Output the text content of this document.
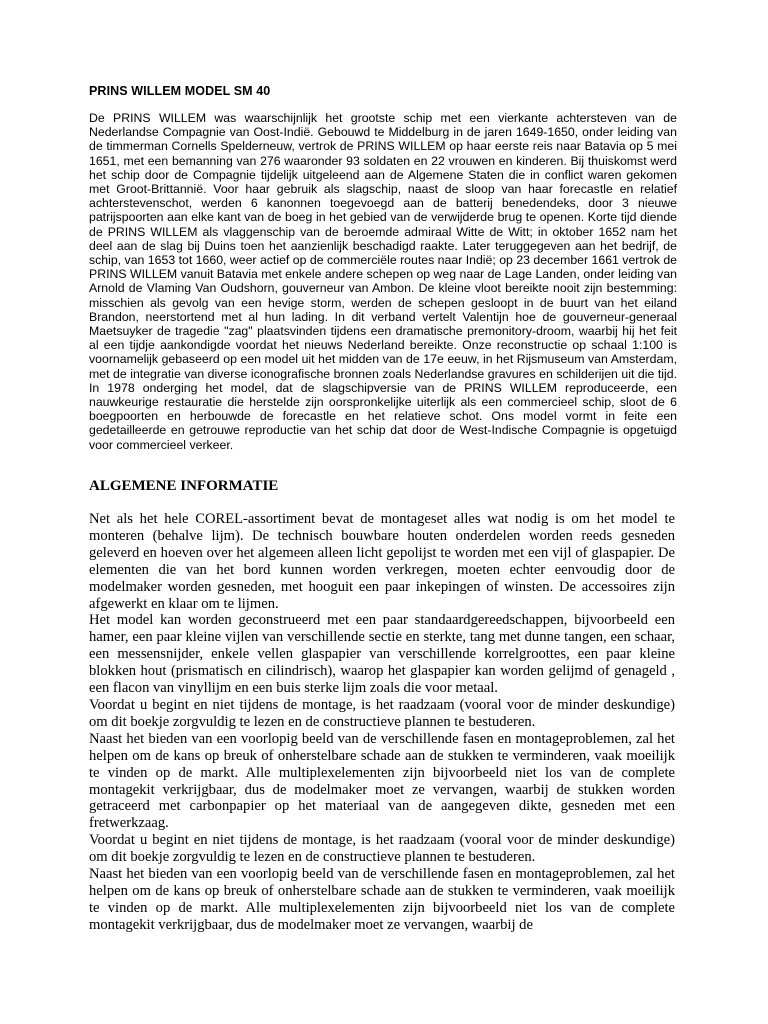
PRINS WILLEM MODEL SM 40

De PRINS WILLEM was waarschijnlijk het grootste schip met een vierkante achtersteven van de Nederlandse Compagnie van Oost-Indië. Gebouwd te Middelburg in de jaren 1649-1650, onder leiding van de timmerman Cornells Spelderneuw, vertrok de PRINS WILLEM op haar eerste reis naar Batavia op 5 mei 1651, met een bemanning van 276 waaronder 93 soldaten en 22 vrouwen en kinderen. Bij thuiskomst werd het schip door de Compagnie tijdelijk uitgeleend aan de Algemene Staten die in conflict waren gekomen met Groot-Brittannië. Voor haar gebruik als slagschip, naast de sloop van haar forecastle en relatief achterstevenschot, werden 6 kanonnen toegevoegd aan de batterij benedendeks, door 3 nieuwe patrijspoorten aan elke kant van de boeg in het gebied van de verwijderde brug te openen. Korte tijd diende de PRINS WILLEM als vlaggenschip van de beroemde admiraal Witte de Witt; in oktober 1652 nam het deel aan de slag bij Duins toen het aanzienlijk beschadigd raakte. Later teruggegeven aan het bedrijf, de schip, van 1653 tot 1660, weer actief op de commerciële routes naar Indië; op 23 december 1661 vertrok de PRINS WILLEM vanuit Batavia met enkele andere schepen op weg naar de Lage Landen, onder leiding van Arnold de Vlaming Van Oudshorn, gouverneur van Ambon. De kleine vloot bereikte nooit zijn bestemming: misschien als gevolg van een hevige storm, werden de schepen gesloopt in de buurt van het eiland Brandon, neerstortend met al hun lading. In dit verband vertelt Valentijn hoe de gouverneur-generaal Maetsuyker de tragedie "zag" plaatsvinden tijdens een dramatische premonitory-droom, waarbij hij het feit al een tijdje aankondigde voordat het nieuws Nederland bereikte. Onze reconstructie op schaal 1:100 is voornamelijk gebaseerd op een model uit het midden van de 17e eeuw, in het Rijsmuseum van Amsterdam, met de integratie van diverse iconografische bronnen zoals Nederlandse gravures en schilderijen uit die tijd. In 1978 onderging het model, dat de slagschipversie van de PRINS WILLEM reproduceerde, een nauwkeurige restauratie die herstelde zijn oorspronkelijke uiterlijk als een commercieel schip, sloot de 6 boegpoorten en herbouwde de forecastle en het relatieve schot. Ons model vormt in feite een gedetailleerde en getrouwe reproductie van het schip dat door de West-Indische Compagnie is opgetuigd voor commercieel verkeer.

ALGEMENE INFORMATIE

Net als het hele COREL-assortiment bevat de montageset alles wat nodig is om het model te monteren (behalve lijm). De technisch bouwbare houten onderdelen worden reeds gesneden geleverd en hoeven over het algemeen alleen licht gepolijst te worden met een vijl of glaspapier. De elementen die van het bord kunnen worden verkregen, moeten echter eenvoudig door de modelmaker worden gesneden, met hooguit een paar inkepingen of winsten. De accessoires zijn afgewerkt en klaar om te lijmen.

Het model kan worden geconstrueerd met een paar standaardgereedschappen, bijvoorbeeld een hamer, een paar kleine vijlen van verschillende sectie en sterkte, tang met dunne tangen, een schaar, een messensnijder, enkele vellen glaspapier van verschillende korrelgroottes, een paar kleine blokken hout (prismatisch en cilindrisch), waarop het glaspapier kan worden gelijmd of genageld , een flacon van vinyllijm en een buis sterke lijm zoals die voor metaal.

Voordat u begint en niet tijdens de montage, is het raadzaam (vooral voor de minder deskundige) om dit boekje zorgvuldig te lezen en de constructieve plannen te bestuderen.

Naast het bieden van een voorlopig beeld van de verschillende fasen en montageproblemen, zal het helpen om de kans op breuk of onherstelbare schade aan de stukken te verminderen, vaak moeilijk te vinden op de markt. Alle multiplexelementen zijn bijvoorbeeld niet los van de complete montagekit verkrijgbaar, dus de modelmaker moet ze vervangen, waarbij de stukken worden getraceerd met carbonpapier op het materiaal van de aangegeven dikte, gesneden met een fretwerkzaag.

Voordat u begint en niet tijdens de montage, is het raadzaam (vooral voor de minder deskundige) om dit boekje zorgvuldig te lezen en de constructieve plannen te bestuderen.

Naast het bieden van een voorlopig beeld van de verschillende fasen en montageproblemen, zal het helpen om de kans op breuk of onherstelbare schade aan de stukken te verminderen, vaak moeilijk te vinden op de markt. Alle multiplexelementen zijn bijvoorbeeld niet los van de complete montagekit verkrijgbaar, dus de modelmaker moet ze vervangen, waarbij de
